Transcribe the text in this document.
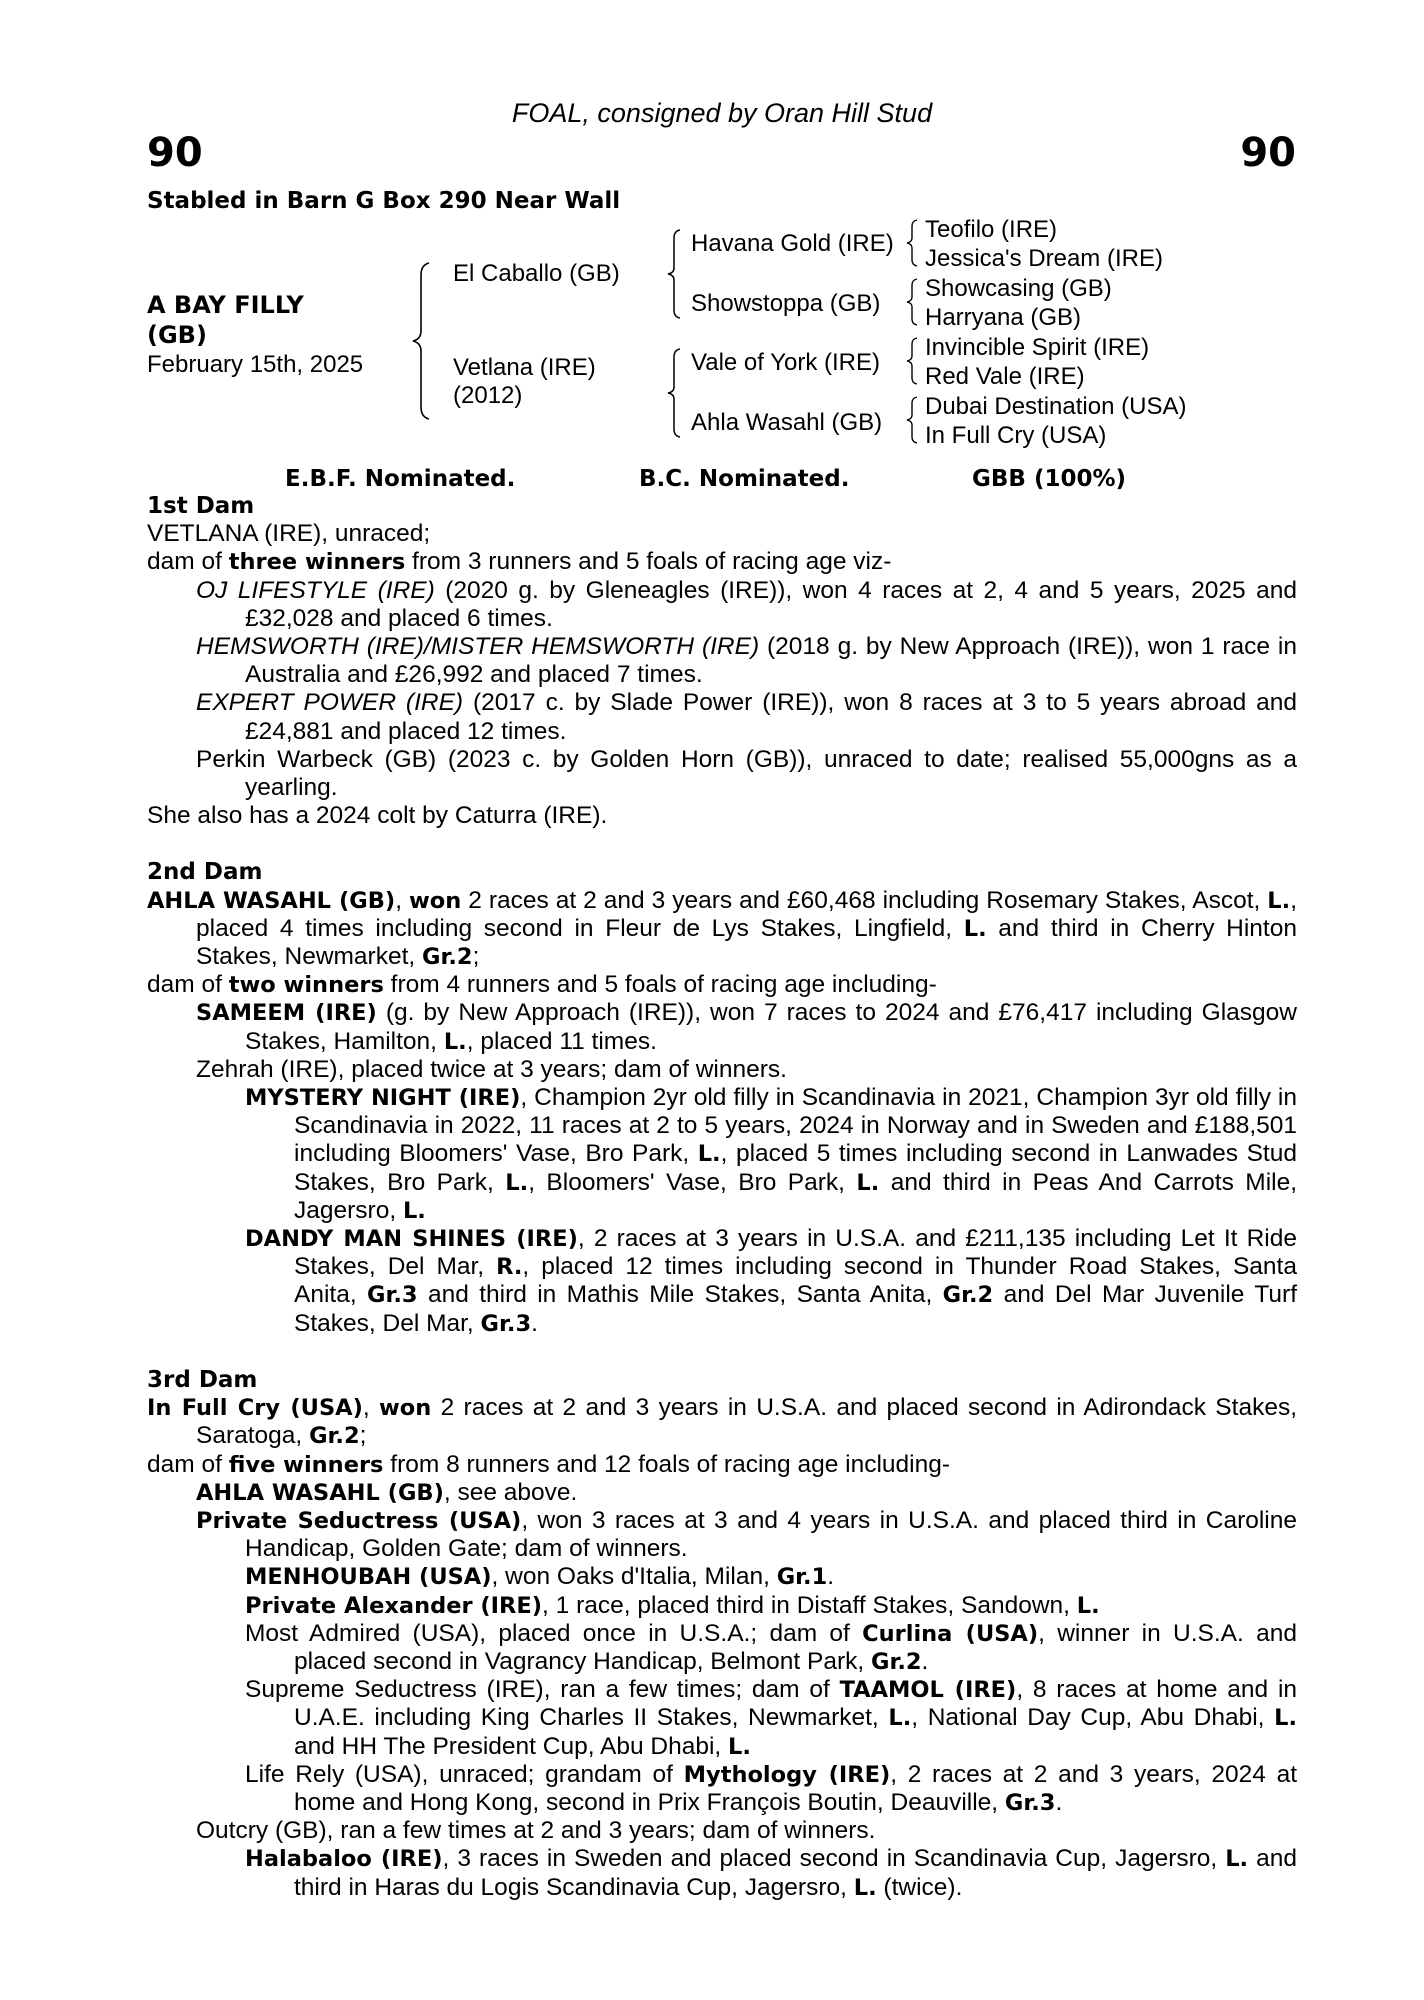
FOAL, consigned by Oran Hill Stud
90	90
Stabled in Barn G Box 290 Near Wall
A BAY FILLY
(GB)
February 15th, 2025
El Caballo (GB)
Vetlana (IRE)
(2012)
Havana Gold (IRE)
Showstoppa (GB)
Vale of York (IRE)
Ahla Wasahl (GB)
Teofilo (IRE)
Jessica's Dream (IRE)
Showcasing (GB)
Harryana (GB)
Invincible Spirit (IRE)
Red Vale (IRE)
Dubai Destination (USA)
In Full Cry (USA)
E.B.F. Nominated.	B.C. Nominated.	GBB (100%)
1st Dam
VETLANA (IRE), unraced;
dam of three winners from 3 runners and 5 foals of racing age viz-
OJ LIFESTYLE (IRE) (2020 g. by Gleneagles (IRE)), won 4 races at 2, 4 and 5 years, 2025 and £32,028 and placed 6 times.
HEMSWORTH (IRE)/MISTER HEMSWORTH (IRE) (2018 g. by New Approach (IRE)), won 1 race in Australia and £26,992 and placed 7 times.
EXPERT POWER (IRE) (2017 c. by Slade Power (IRE)), won 8 races at 3 to 5 years abroad and £24,881 and placed 12 times.
Perkin Warbeck (GB) (2023 c. by Golden Horn (GB)), unraced to date; realised 55,000gns as a yearling.
She also has a 2024 colt by Caturra (IRE).
2nd Dam
AHLA WASAHL (GB), won 2 races at 2 and 3 years and £60,468 including Rosemary Stakes, Ascot, L., placed 4 times including second in Fleur de Lys Stakes, Lingfield, L. and third in Cherry Hinton Stakes, Newmarket, Gr.2;
dam of two winners from 4 runners and 5 foals of racing age including-
SAMEEM (IRE) (g. by New Approach (IRE)), won 7 races to 2024 and £76,417 including Glasgow Stakes, Hamilton, L., placed 11 times.
Zehrah (IRE), placed twice at 3 years; dam of winners.
MYSTERY NIGHT (IRE), Champion 2yr old filly in Scandinavia in 2021, Champion 3yr old filly in Scandinavia in 2022, 11 races at 2 to 5 years, 2024 in Norway and in Sweden and £188,501 including Bloomers' Vase, Bro Park, L., placed 5 times including second in Lanwades Stud Stakes, Bro Park, L., Bloomers' Vase, Bro Park, L. and third in Peas And Carrots Mile, Jagersro, L.
DANDY MAN SHINES (IRE), 2 races at 3 years in U.S.A. and £211,135 including Let It Ride Stakes, Del Mar, R., placed 12 times including second in Thunder Road Stakes, Santa Anita, Gr.3 and third in Mathis Mile Stakes, Santa Anita, Gr.2 and Del Mar Juvenile Turf Stakes, Del Mar, Gr.3.
3rd Dam
In Full Cry (USA), won 2 races at 2 and 3 years in U.S.A. and placed second in Adirondack Stakes, Saratoga, Gr.2;
dam of five winners from 8 runners and 12 foals of racing age including-
AHLA WASAHL (GB), see above.
Private Seductress (USA), won 3 races at 3 and 4 years in U.S.A. and placed third in Caroline Handicap, Golden Gate; dam of winners.
MENHOUBAH (USA), won Oaks d'Italia, Milan, Gr.1.
Private Alexander (IRE), 1 race, placed third in Distaff Stakes, Sandown, L.
Most Admired (USA), placed once in U.S.A.; dam of Curlina (USA), winner in U.S.A. and placed second in Vagrancy Handicap, Belmont Park, Gr.2.
Supreme Seductress (IRE), ran a few times; dam of TAAMOL (IRE), 8 races at home and in U.A.E. including King Charles II Stakes, Newmarket, L., National Day Cup, Abu Dhabi, L. and HH The President Cup, Abu Dhabi, L.
Life Rely (USA), unraced; grandam of Mythology (IRE), 2 races at 2 and 3 years, 2024 at home and Hong Kong, second in Prix François Boutin, Deauville, Gr.3.
Outcry (GB), ran a few times at 2 and 3 years; dam of winners.
Halabaloo (IRE), 3 races in Sweden and placed second in Scandinavia Cup, Jagersro, L. and third in Haras du Logis Scandinavia Cup, Jagersro, L. (twice).
